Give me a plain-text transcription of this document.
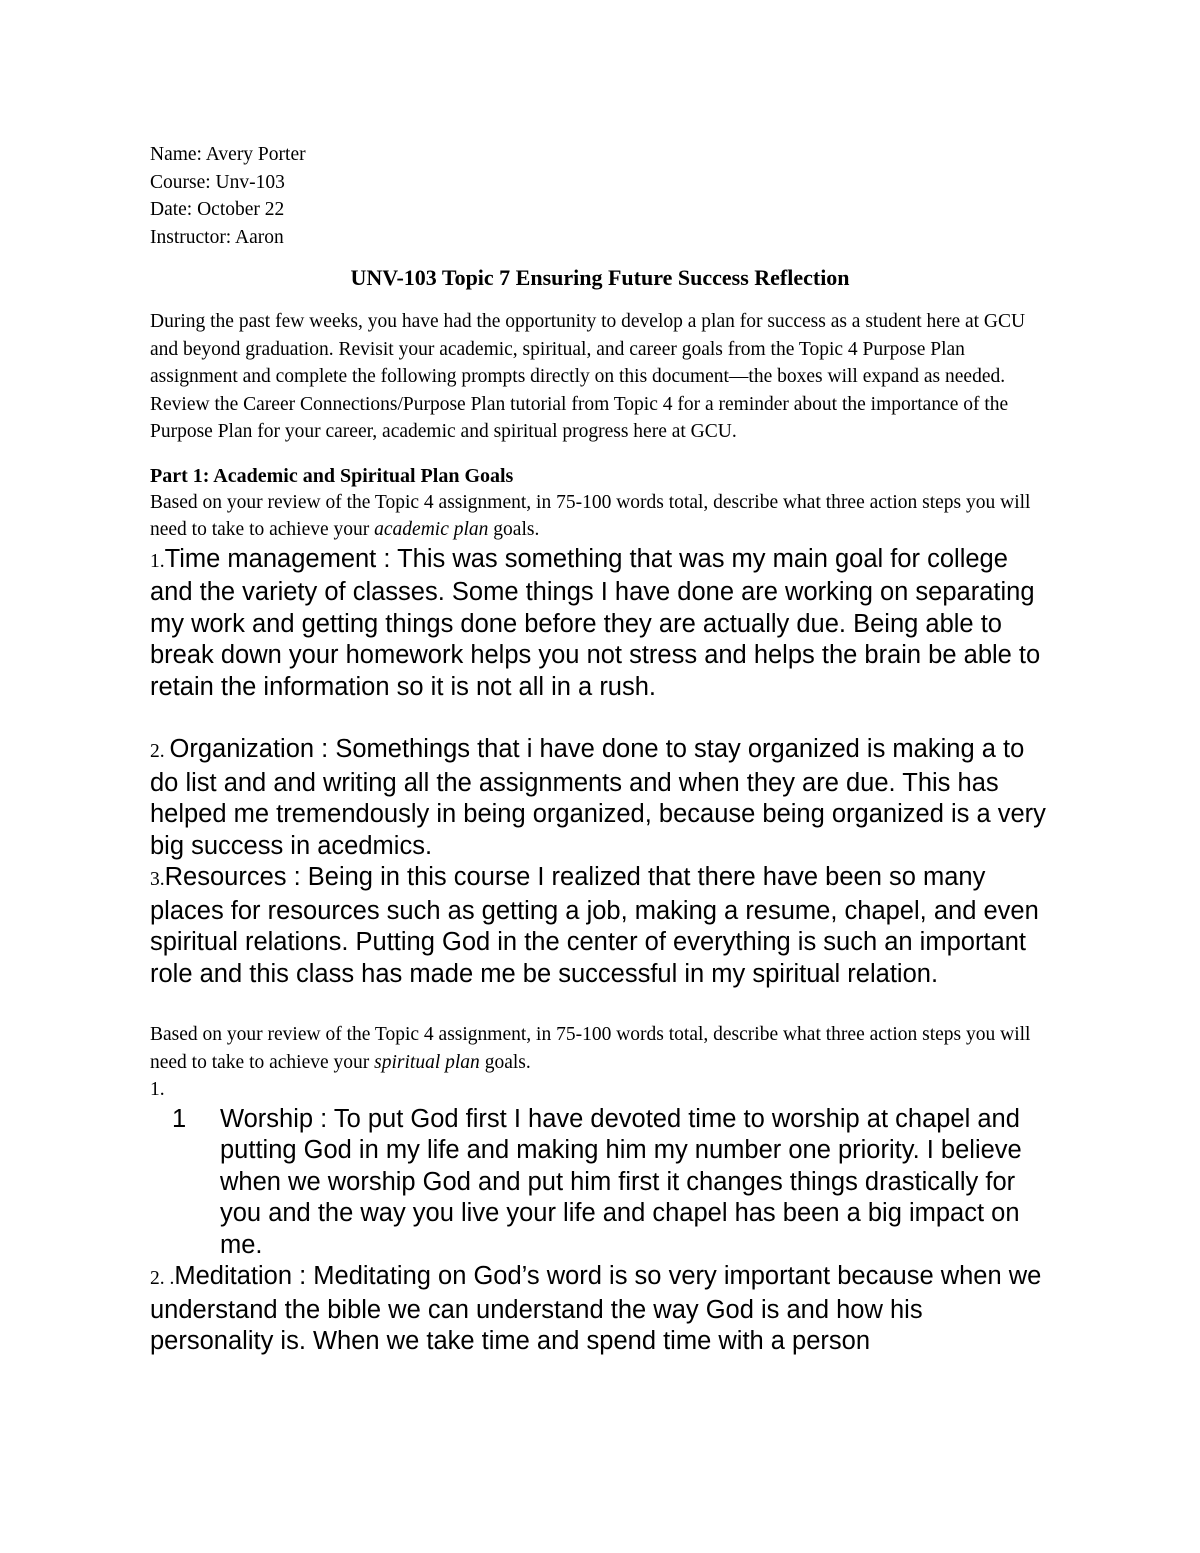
Name: Avery Porter
Course: Unv-103
Date: October 22
Instructor: Aaron
UNV-103 Topic 7 Ensuring Future Success Reflection

During the past few weeks, you have had the opportunity to develop a plan for success as a student here at GCU and beyond graduation. Revisit your academic, spiritual, and career goals from the Topic 4 Purpose Plan assignment and complete the following prompts directly on this document—the boxes will expand as needed. Review the Career Connections/Purpose Plan tutorial from Topic 4 for a reminder about the importance of the Purpose Plan for your career, academic and spiritual progress here at GCU.

Part 1: Academic and Spiritual Plan Goals

Based on your review of the Topic 4 assignment, in 75-100 words total, describe what three action steps you will need to take to achieve your academic plan goals.

1.Time management : This was something that was my main goal for college and the variety of classes. Some things I have done are working on separating my work and getting things done before they are actually due. Being able to break down your homework helps you not stress and helps the brain be able to retain the information so it is not all in a rush.

2. Organization : Somethings that i have done to stay organized is making a to do list and and writing all the assignments and when they are due. This has helped me tremendously in being organized, because being organized is a very big success in acedmics.

3.Resources : Being in this course I realized that there have been so many places for resources such as getting a job, making a resume, chapel, and even spiritual relations. Putting God in the center of everything is such an important role and this class has made me be successful in my spiritual relation.

Based on your review of the Topic 4 assignment, in 75-100 words total, describe what three action steps you will need to take to achieve your spiritual plan goals.

1.

1	Worship : To put God first I have devoted time to worship at chapel and putting God in my life and making him my number one priority. I believe when we worship God and put him first it changes things drastically for you and the way you live your life and chapel has been a big impact on me.

2. .Meditation : Meditating on God’s word is so very important because when we understand the bible we can understand the way God is and how his personality is. When we take time and spend time with a person
